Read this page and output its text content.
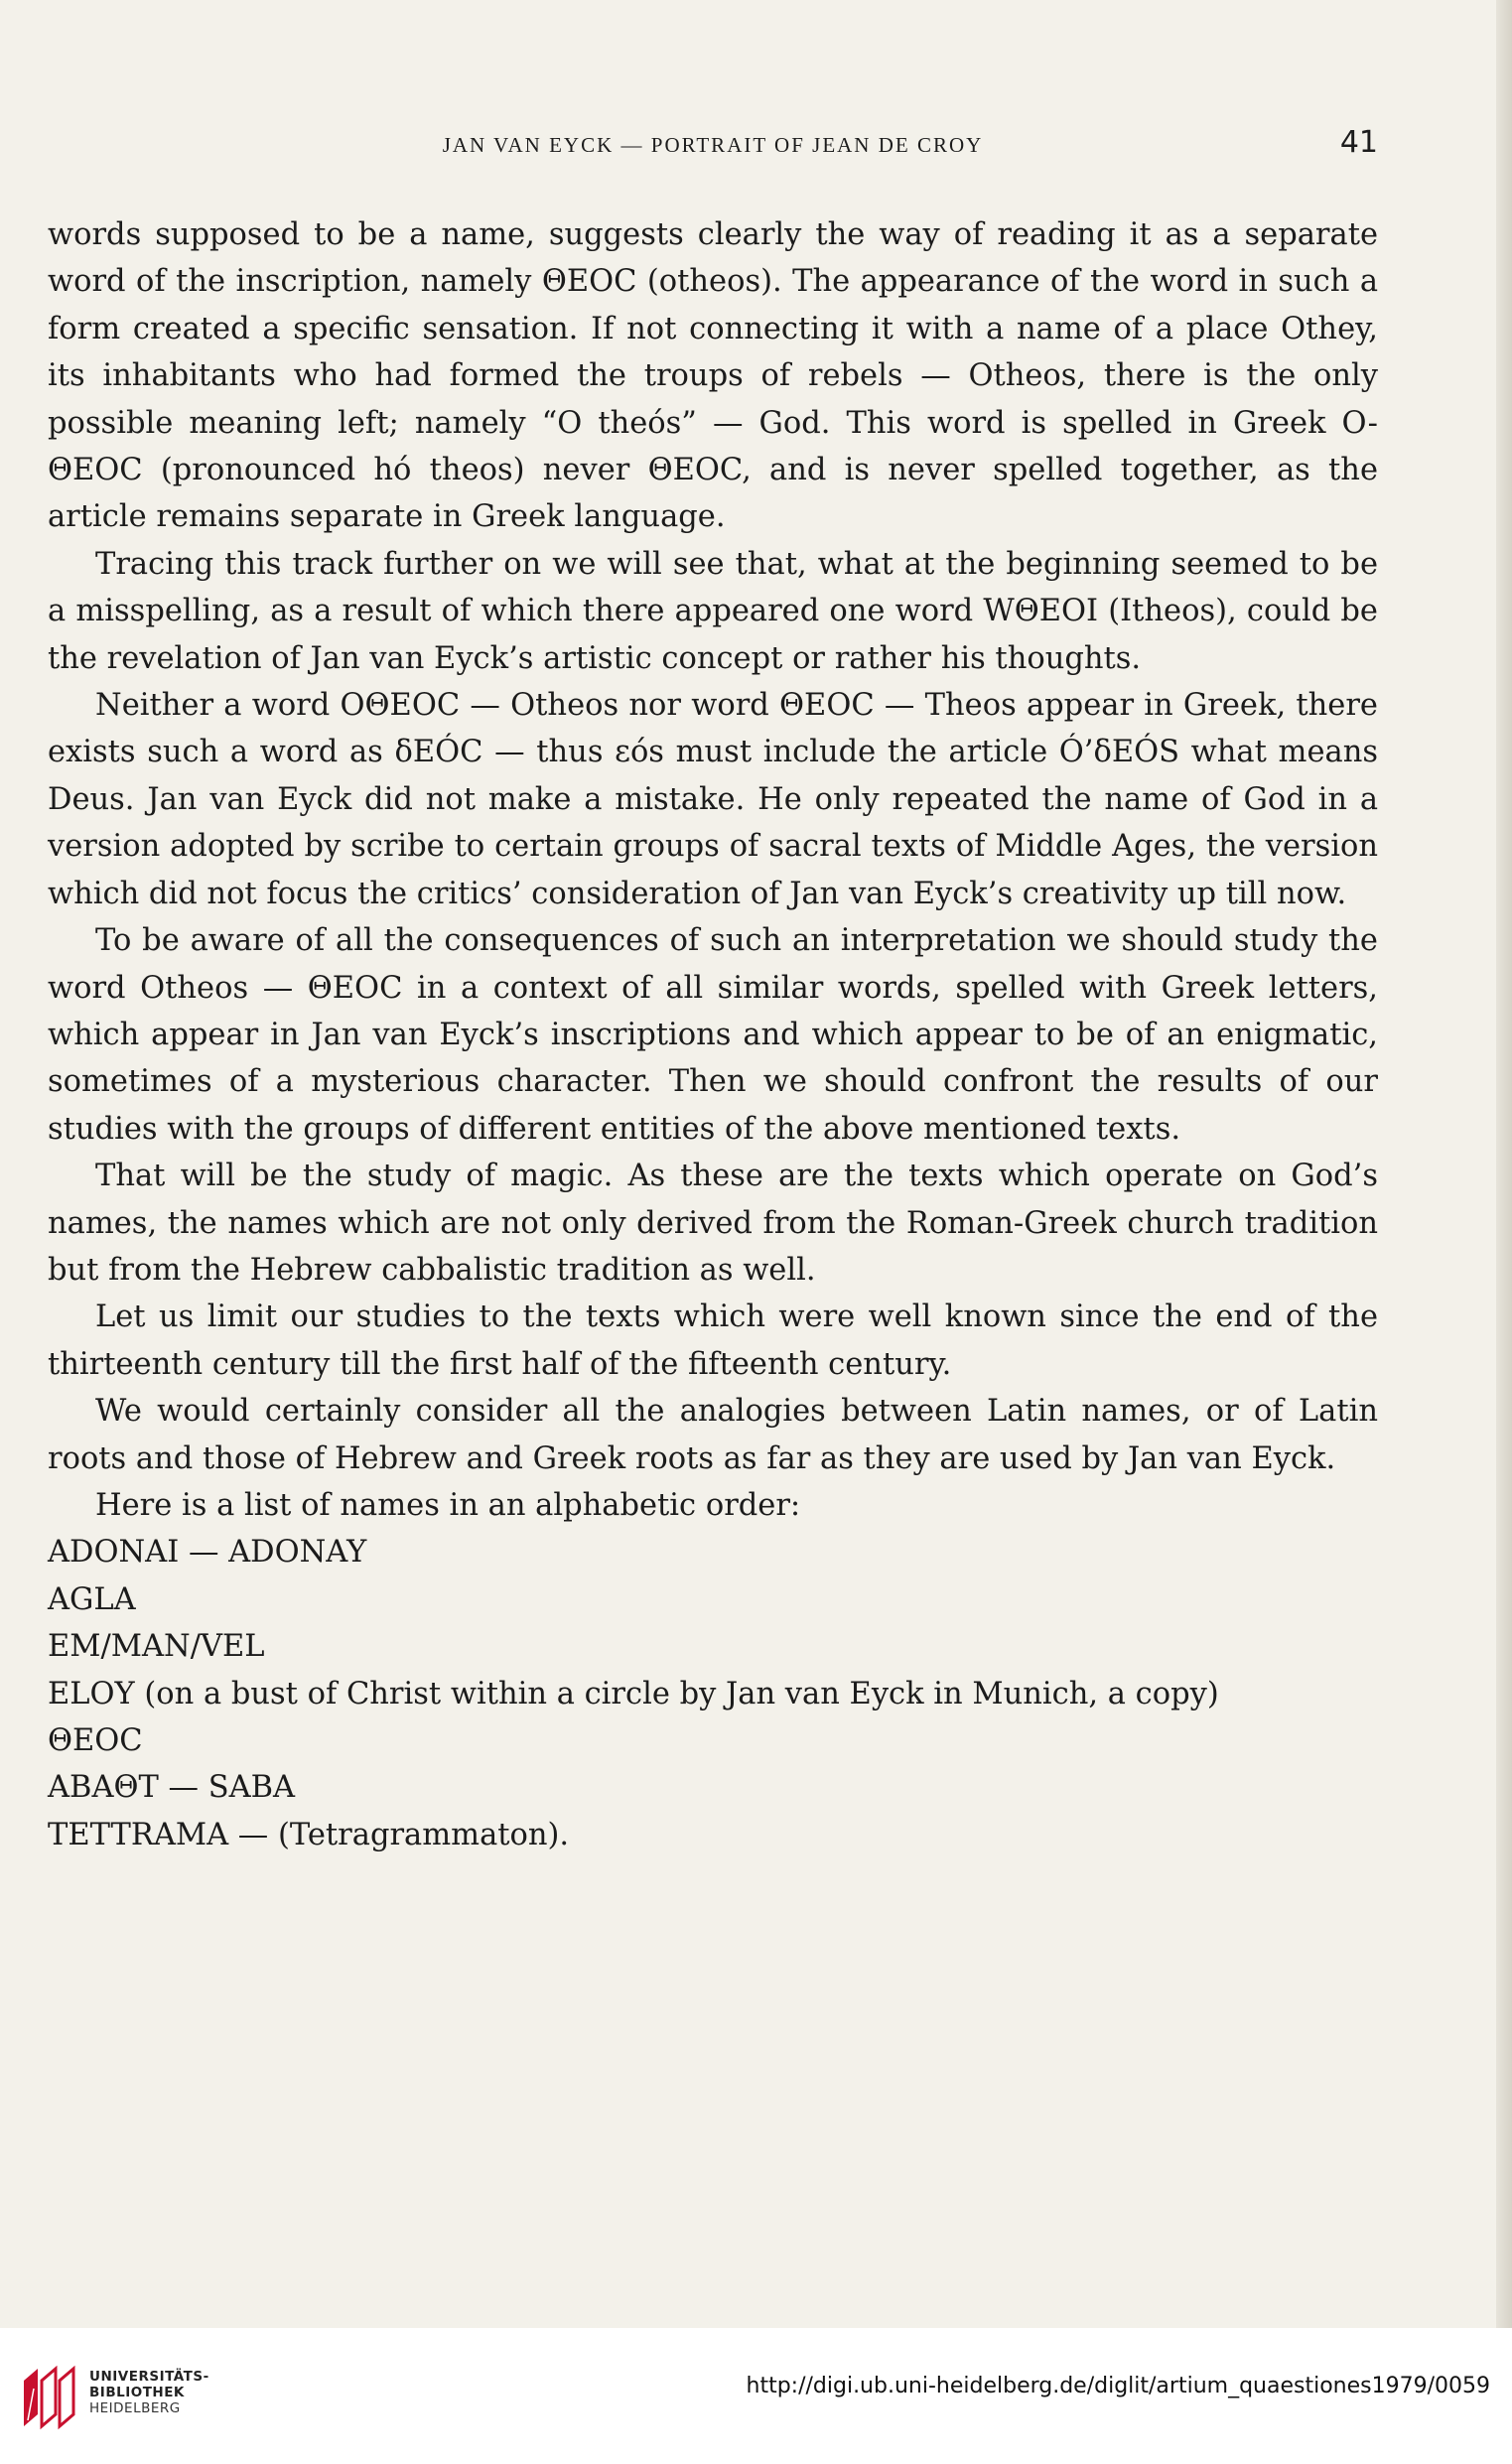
JAN VAN EYCK — PORTRAIT OF JEAN DE CROY	41

words supposed to be a name, suggests clearly the way of reading it as a separate word of the inscription, namely ΘEOC (otheos). The appearance of the word in such a form created a specific sensation. If not connecting it with a name of a place Othey, its inhabitants who had formed the troups of rebels — Otheos, there is the only possible meaning left; namely “O theós” — God. This word is spelled in Greek O-ΘEOC (pronounced hó theos) never ΘEOC, and is never spelled together, as the article remains separate in Greek language.

Tracing this track further on we will see that, what at the beginning seemed to be a misspelling, as a result of which there appeared one word WΘEOI (Itheos), could be the revelation of Jan van Eyck’s artistic concept or rather his thoughts.

Neither a word OΘEOC — Otheos nor word ΘEOC — Theos appear in Greek, there exists such a word as δEÓC — thus εós must include the article Ó’δEÓS what means Deus. Jan van Eyck did not make a mistake. He only repeated the name of God in a version adopted by scribe to certain groups of sacral texts of Middle Ages, the version which did not focus the critics’ consideration of Jan van Eyck’s creativity up till now.

To be aware of all the consequences of such an interpretation we should study the word Otheos — ΘEOC in a context of all similar words, spelled with Greek letters, which appear in Jan van Eyck’s inscriptions and which appear to be of an enigmatic, sometimes of a mysterious character. Then we should confront the results of our studies with the groups of different entities of the above mentioned texts.

That will be the study of magic. As these are the texts which operate on God’s names, the names which are not only derived from the Roman-Greek church tradition but from the Hebrew cabbalistic tradition as well.

Let us limit our studies to the texts which were well known since the end of the thirteenth century till the first half of the fifteenth century.

We would certainly consider all the analogies between Latin names, or of Latin roots and those of Hebrew and Greek roots as far as they are used by Jan van Eyck.

Here is a list of names in an alphabetic order:

ADONAI — ADONAY
AGLA
EM/MAN/VEL
ELOY (on a bust of Christ within a circle by Jan van Eyck in Munich, a copy)
ΘEOC
ABAΘT — SABA
TETTRAMA — (Tetragrammaton).
UNIVERSITÄTS-
BIBLIOTHEK
HEIDELBERG
http://digi.ub.uni-heidelberg.de/diglit/artium_quaestiones1979/0059
